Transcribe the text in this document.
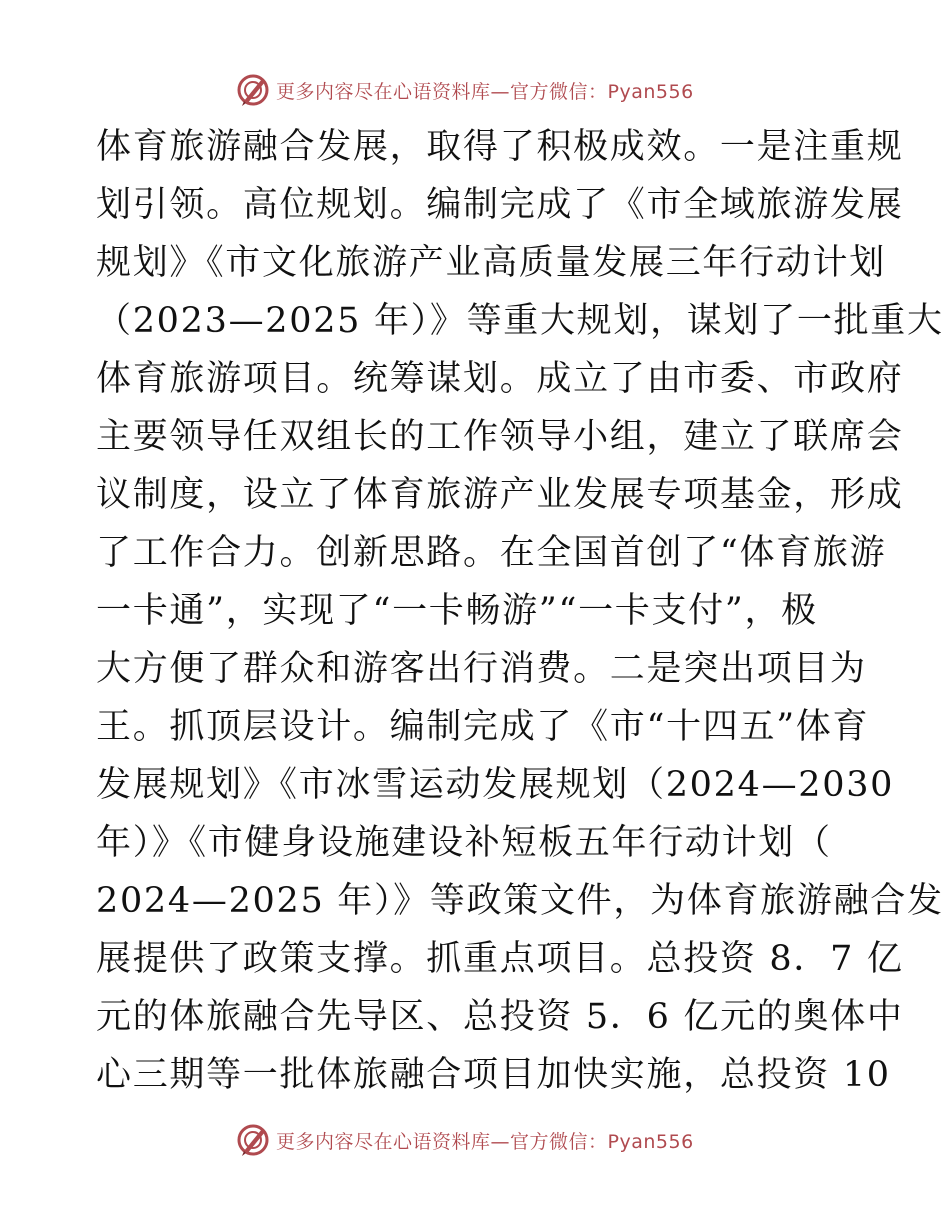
更多内容尽在心语资料库—官方微信：Pyan556
体育旅游融合发展，取得了积极成效。一是注重规
划引领。高位规划。编制完成了《市全域旅游发展
规划》《市文化旅游产业高质量发展三年行动计划
（2023—2025 年）》等重大规划，谋划了一批重大
体育旅游项目。统筹谋划。成立了由市委、市政府
主要领导任双组长的工作领导小组，建立了联席会
议制度，设立了体育旅游产业发展专项基金，形成
了工作合力。创新思路。在全国首创了“体育旅游
一卡通”，实现了“一卡畅游”“一卡支付”，极
大方便了群众和游客出行消费。二是突出项目为
王。抓顶层设计。编制完成了《市“十四五”体育
发展规划》《市冰雪运动发展规划（2024—2030
年）》《市健身设施建设补短板五年行动计划（
2024—2025 年）》等政策文件，为体育旅游融合发
展提供了政策支撑。抓重点项目。总投资 8．7 亿
元的体旅融合先导区、总投资 5．6 亿元的奥体中
心三期等一批体旅融合项目加快实施，总投资 10
更多内容尽在心语资料库—官方微信：Pyan556
